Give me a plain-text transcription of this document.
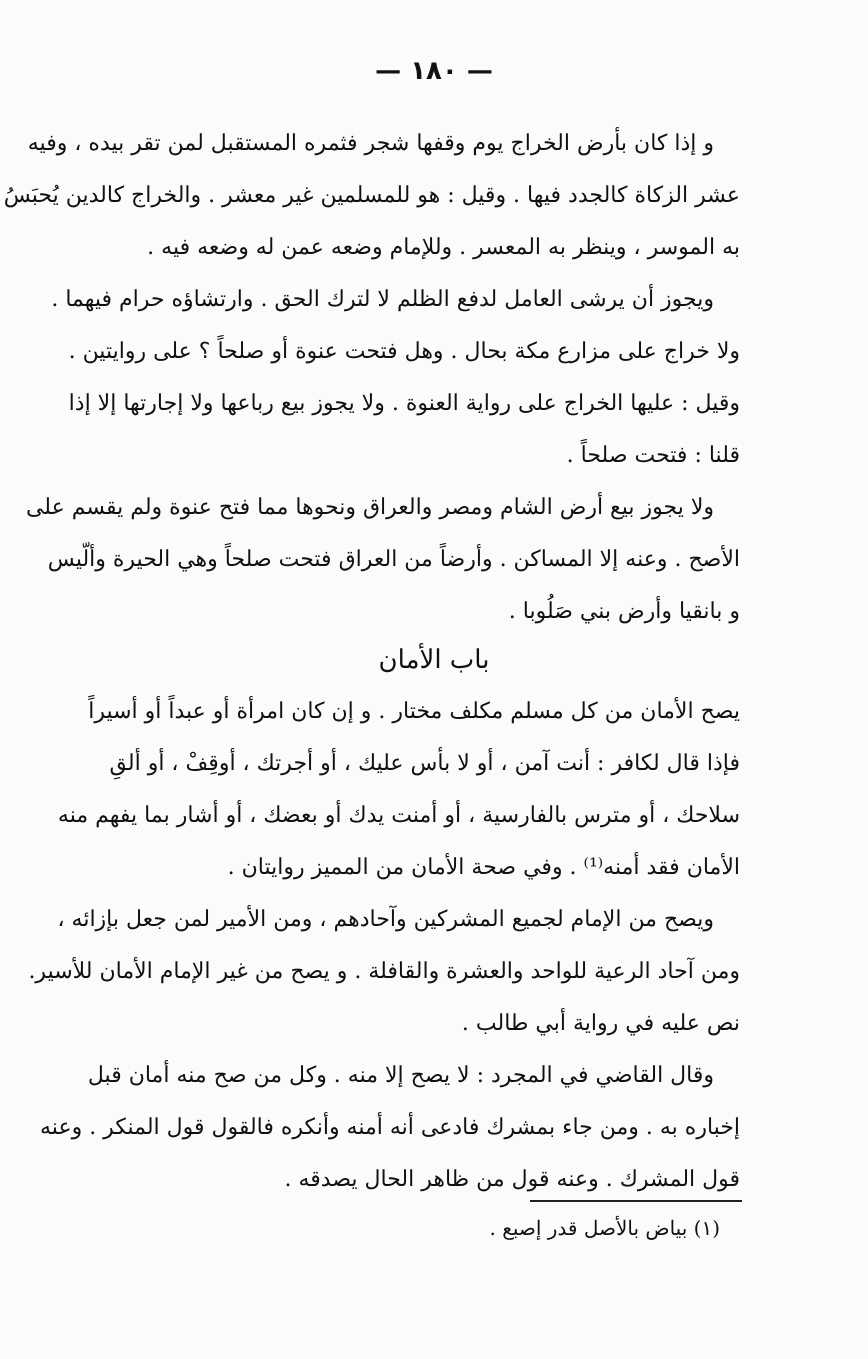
— ١٨٠ —
و إذا كان بأرض الخراج يوم وقفها شجر فثمره المستقبل لمن تقر بيده ، وفيه
عشر الزكاة كالجدد فيها . وقيل : هو للمسلمين غير معشر . والخراج كالدين يُحبَسُ
به الموسر ، وينظر به المعسر . وللإمام وضعه عمن له وضعه فيه .
ويجوز أن يرشى العامل لدفع الظلم لا لترك الحق . وارتشاؤه حرام فيهما .
ولا خراج على مزارع مكة بحال . وهل فتحت عنوة أو صلحاً ؟ على روايتين .
وقيل : عليها الخراج على رواية العنوة . ولا يجوز بيع رباعها ولا إجارتها إلا إذا
قلنا : فتحت صلحاً .
ولا يجوز بيع أرض الشام ومصر والعراق ونحوها مما فتح عنوة ولم يقسم على
الأصح . وعنه إلا المساكن . وأرضاً من العراق فتحت صلحاً وهي الحيرة وألّيس
و بانقيا وأرض بني صَلُوبا .
باب الأمان
يصح الأمان من كل مسلم مكلف مختار . و إن كان امرأة أو عبداً أو أسيراً
فإذا قال لكافر : أنت آمن ، أو لا بأس عليك ، أو أجرتك ، أوقِفْ ، أو ألقِ
سلاحك ، أو مترس بالفارسية ، أو أمنت يدك أو بعضك ، أو أشار بما يفهم منه
الأمان فقد أمنه⁽¹⁾ . وفي صحة الأمان من المميز روايتان .
ويصح من الإمام لجميع المشركين وآحادهم ، ومن الأمير لمن جعل بإزائه ،
ومن آحاد الرعية للواحد والعشرة والقافلة . و يصح من غير الإمام الأمان للأسير.
نص عليه في رواية أبي طالب .
وقال القاضي في المجرد : لا يصح إلا منه . وكل من صح منه أمان قبل
إخباره به . ومن جاء بمشرك فادعى أنه أمنه وأنكره فالقول قول المنكر . وعنه
قول المشرك . وعنه قول من ظاهر الحال يصدقه .
(١) بياض بالأصل قدر إصبع .
